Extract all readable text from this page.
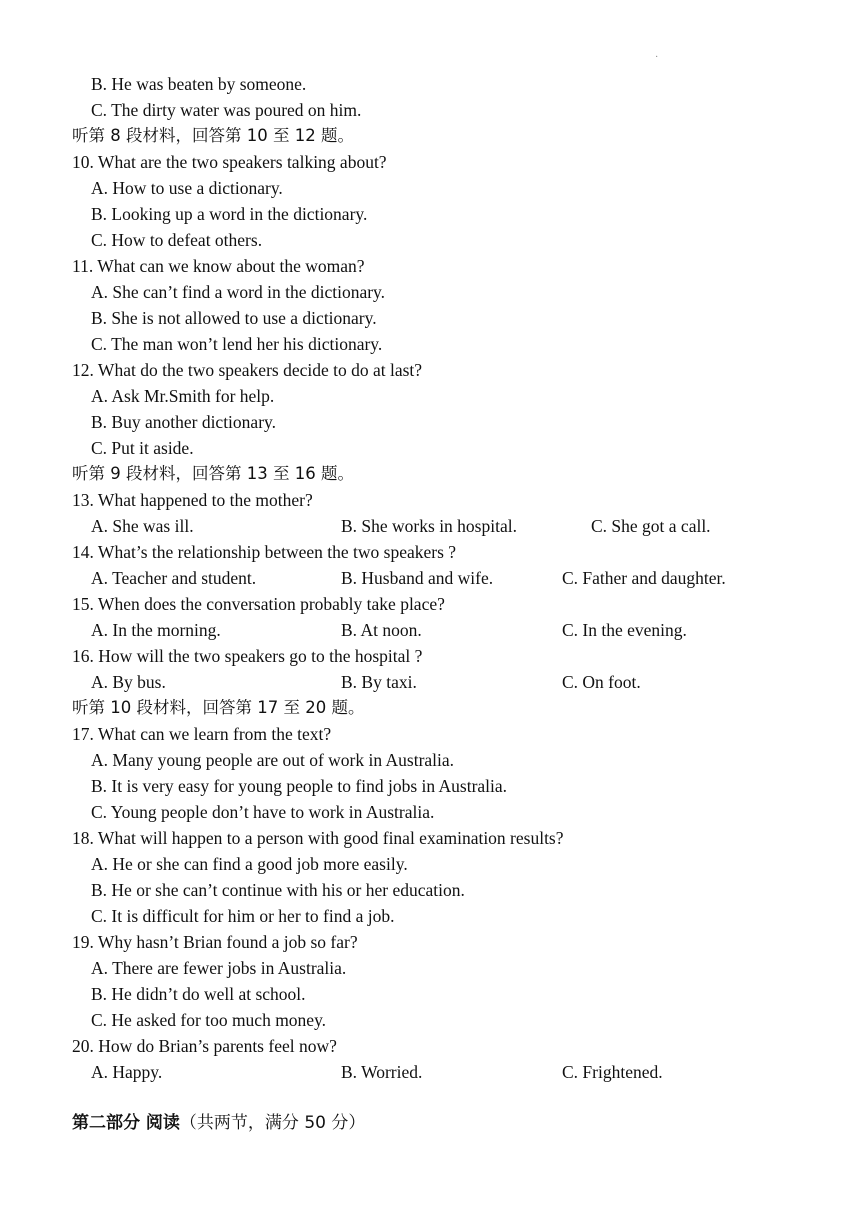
·
B. He was beaten by someone.
C. The dirty water was poured on him.
听第 8 段材料，回答第 10 至 12 题。
10. What are the two speakers talking about?
A. How to use a dictionary.
B. Looking up a word in the dictionary.
C. How to defeat others.
11. What can we know about the woman?
A. She can’t find a word in the dictionary.
B. She is not allowed to use a dictionary.
C. The man won’t lend her his dictionary.
12. What do the two speakers decide to do at last?
A. Ask Mr.Smith for help.
B. Buy another dictionary.
C. Put it aside.
听第 9 段材料，回答第 13 至 16 题。
13. What happened to the mother?
A. She was ill.	B. She works in hospital.	C. She got a call.
14. What’s the relationship between the two speakers ?
A. Teacher and student.	B. Husband and wife.	C. Father and daughter.
15. When does the conversation probably take place?
A. In the morning.	B. At noon.	C. In the evening.
16. How will the two speakers go to the hospital ?
A. By bus.	B. By taxi.	C. On foot.
听第 10 段材料，回答第 17 至 20 题。
17. What can we learn from the text?
A. Many young people are out of work in Australia.
B. It is very easy for young people to find jobs in Australia.
C. Young people don’t have to work in Australia.
18. What will happen to a person with good final examination results?
A. He or she can find a good job more easily.
B. He or she can’t continue with his or her education.
C. It is difficult for him or her to find a job.
19. Why hasn’t Brian found a job so far?
A. There are fewer jobs in Australia.
B. He didn’t do well at school.
C. He asked for too much money.
20. How do Brian’s parents feel now?
A. Happy.	B. Worried.	C. Frightened.
第二部分 阅读（共两节，满分 50 分）
